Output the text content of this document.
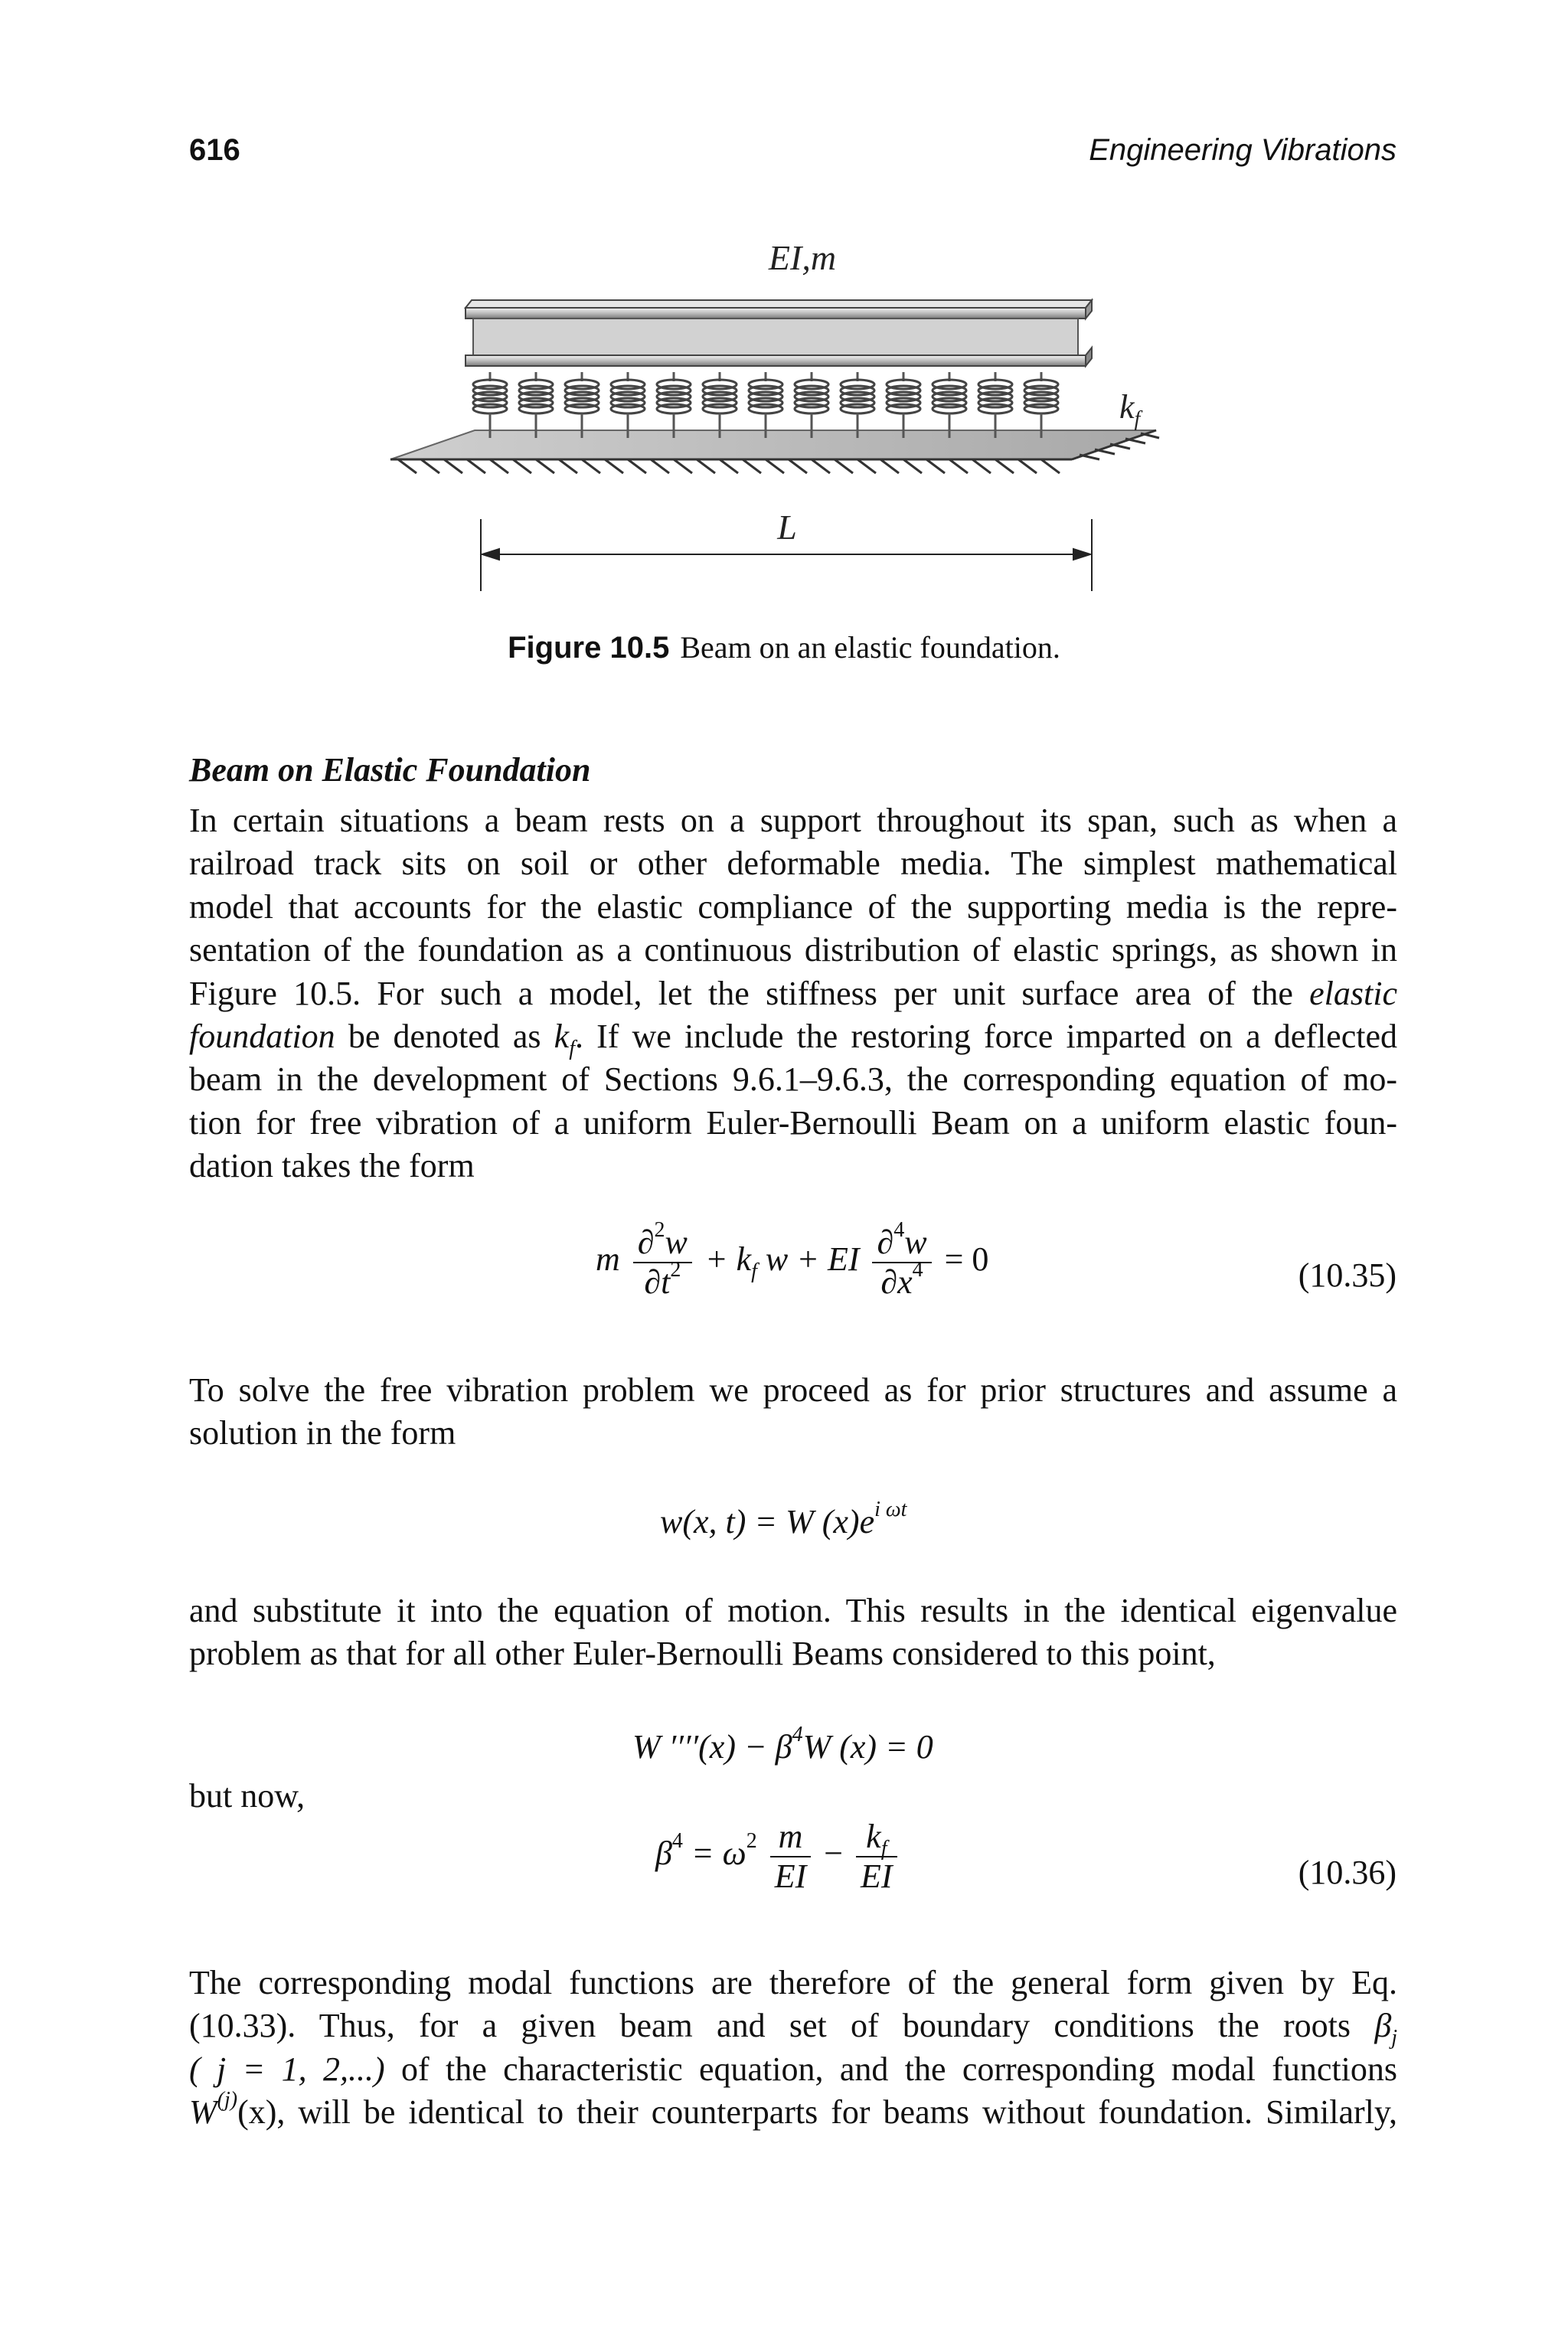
616	Engineering Vibrations
EI,m
$k_f$
L
Figure 10.5 Beam on an elastic foundation.
Beam on Elastic Foundation
In certain situations a beam rests on a support throughout its span, such as when a
railroad track sits on soil or other deformable media. The simplest mathematical
model that accounts for the elastic compliance of the supporting media is the repre-
sentation of the foundation as a continuous distribution of elastic springs, as shown in
Figure 10.5. For such a model, let the stiffness per unit surface area of the elastic
foundation be denoted as $k_f$. If we include the restoring force imparted on a deflected
beam in the development of Sections 9.6.1–9.6.3, the corresponding equation of mo-
tion for free vibration of a uniform Euler-Bernoulli Beam on a uniform elastic foun-
dation takes the form
m $\frac{\partial^2w}{\partial t^2} + k_f$ w + EI $\frac{\partial^4w}{\partial x^4} = 0$	(10.35)
To solve the free vibration problem we proceed as for prior structures and assume a
solution in the form
w(x, t) = W $(x)e^{i \omega t}$
and substitute it into the equation of motion. This results in the identical eigenvalue
problem as that for all other Euler-Bernoulli Beams considered to this point,
W $''''(x) - \beta^4W$ (x) = 0
but now,
$\beta^4 = \omega^2 \frac{m}{EI} - \frac{k_f}{EI}$	(10.36)
The corresponding modal functions are therefore of the general form given by Eq.
(10.33). Thus, for a given beam and set of boundary conditions the roots $\beta_j$
( j = 1, 2,...) of the characteristic equation, and the corresponding modal functions
$W^{(j)}(x)$, will be identical to their counterparts for beams without foundation. Similarly,
